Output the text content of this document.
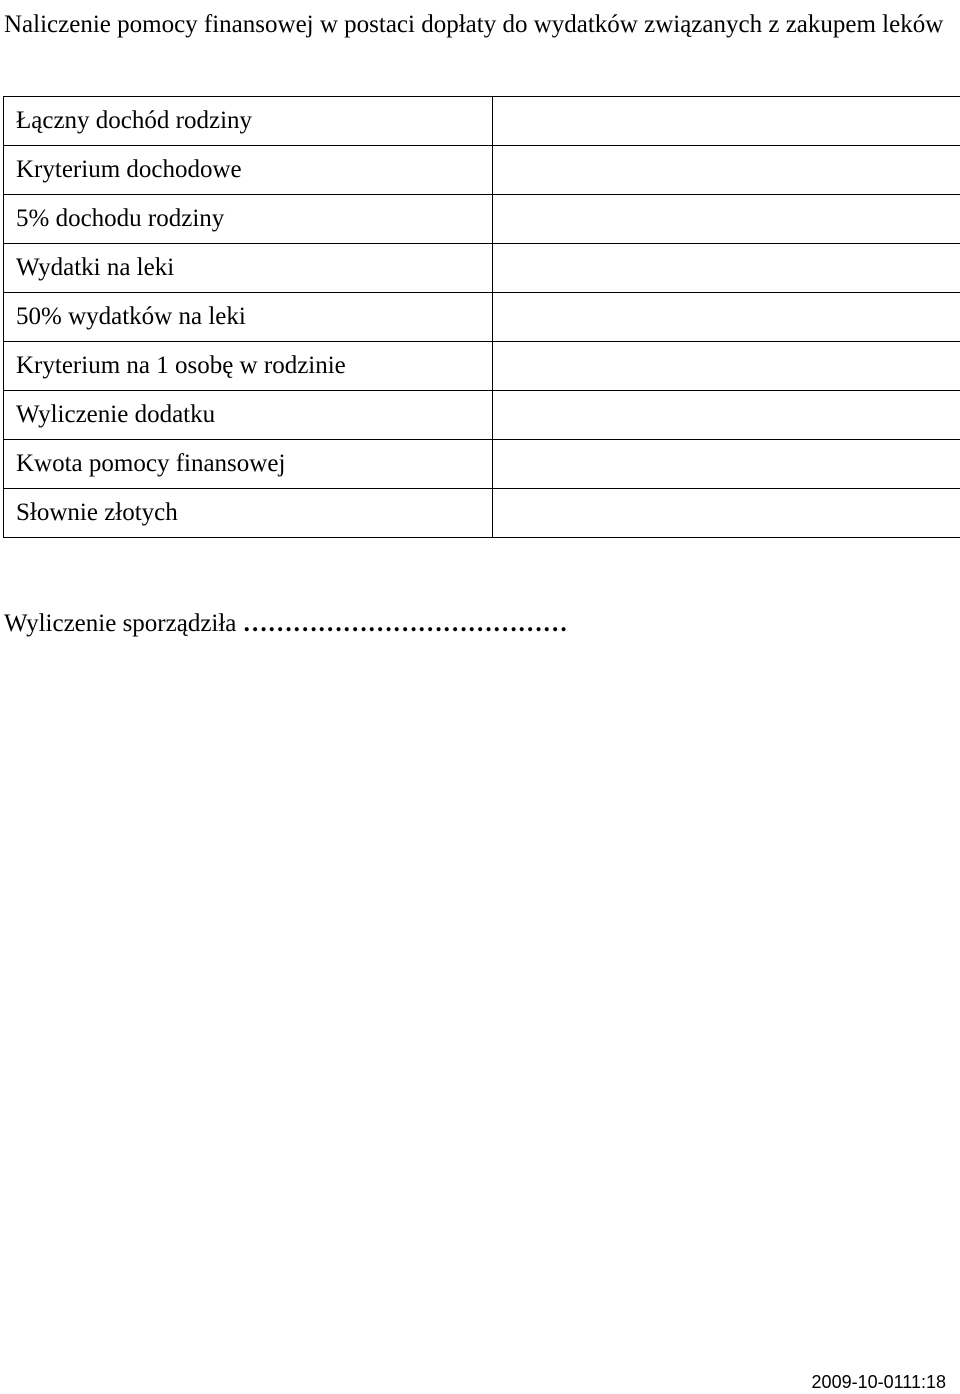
Naliczenie pomocy finansowej w postaci dopłaty do wydatków związanych z zakupem leków
Łączny dochód rodziny	
Kryterium dochodowe	
5% dochodu rodziny	
Wydatki na leki	
50% wydatków na leki	
Kryterium na 1 osobę w rodzinie	
Wyliczenie dodatku	
Kwota pomocy finansowej	
Słownie złotych	
Wyliczenie sporządziła …………………………………
2009-10-0111:18
